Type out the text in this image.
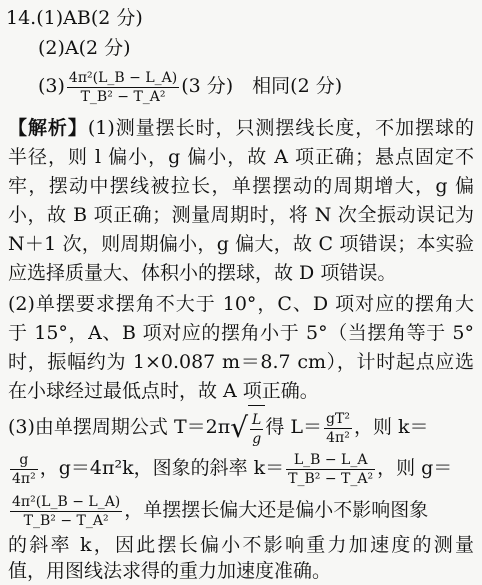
14.(1)AB(2 分)
(2)A(2 分)
$(3) \frac{\text{4π²(L\_B − L\_A)}}{\text{T\_B² − T\_A²}} (3$ 分)　相同(2 分)
【解析】(1)测量摆长时，只测摆线长度，不加摆球的
半径，则 l 偏小，g 偏小，故 A 项正确；悬点固定不
牢，摆动中摆线被拉长，单摆摆动的周期增大，g 偏
小，故 B 项正确；测量周期时，将 N 次全振动误记为
N＋1 次，则周期偏小，g 偏大，故 C 项错误；本实验
应选择质量大、体积小的摆球，故 D 项错误。
(2)单摆要求摆角不大于 10°，C、D 项对应的摆角大
于 15°，A、B 项对应的摆角小于 5°（当摆角等于 5°
时，振幅约为 1×0.087 m＝8.7 cm），计时起点应选
在小球经过最低点时，故 A 项正确。
(3)由单摆周期公式 $T=2\pi√ \frac{L}{g}$ 得 $L= \frac{\text{gT²}}{\text{4π²}}$ ，则 k＝
$\frac{g}{\text{4π²}}$ ，g＝4π²k，图象的斜率 $k= \frac{L\_B - L\_A}{\text{T\_B² − T\_A²}}$ ，则 g＝
$\frac{\text{4π²(L\_B − L\_A)}}{\text{T\_B² − T\_A²}}$ ，单摆摆长偏大还是偏小不影响图象
的斜率 k，因此摆长偏小不影响重力加速度的测量
值，用图线法求得的重力加速度准确。
